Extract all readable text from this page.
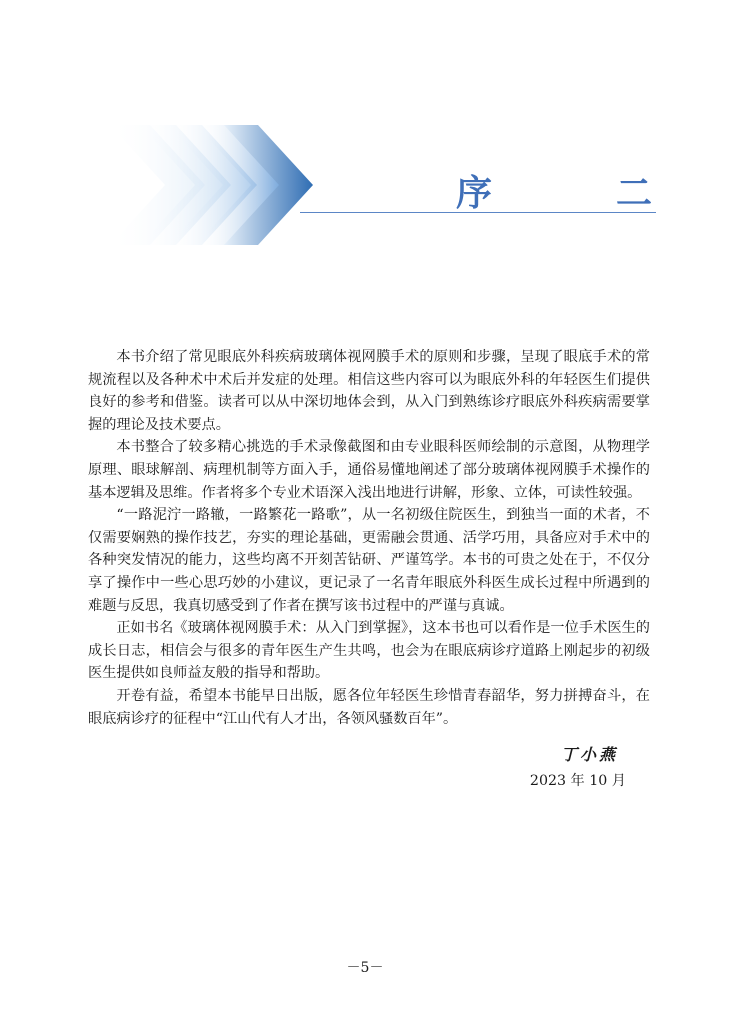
序　二

本书介绍了常见眼底外科疾病玻璃体视网膜手术的原则和步骤，呈现了眼底手术的常规流程以及各种术中术后并发症的处理。相信这些内容可以为眼底外科的年轻医生们提供良好的参考和借鉴。读者可以从中深切地体会到，从入门到熟练诊疗眼底外科疾病需要掌握的理论及技术要点。

本书整合了较多精心挑选的手术录像截图和由专业眼科医师绘制的示意图，从物理学原理、眼球解剖、病理机制等方面入手，通俗易懂地阐述了部分玻璃体视网膜手术操作的基本逻辑及思维。作者将多个专业术语深入浅出地进行讲解，形象、立体，可读性较强。

“一路泥泞一路辙，一路繁花一路歌”，从一名初级住院医生，到独当一面的术者，不仅需要娴熟的操作技艺，夯实的理论基础，更需融会贯通、活学巧用，具备应对手术中的各种突发情况的能力，这些均离不开刻苦钻研、严谨笃学。本书的可贵之处在于，不仅分享了操作中一些心思巧妙的小建议，更记录了一名青年眼底外科医生成长过程中所遇到的难题与反思，我真切感受到了作者在撰写该书过程中的严谨与真诚。

正如书名《玻璃体视网膜手术：从入门到掌握》，这本书也可以看作是一位手术医生的成长日志，相信会与很多的青年医生产生共鸣，也会为在眼底病诊疗道路上刚起步的初级医生提供如良师益友般的指导和帮助。

开卷有益，希望本书能早日出版，愿各位年轻医生珍惜青春韶华，努力拼搏奋斗，在眼底病诊疗的征程中“江山代有人才出，各领风骚数百年”。

丁小燕
2023 年 10 月
－5－
